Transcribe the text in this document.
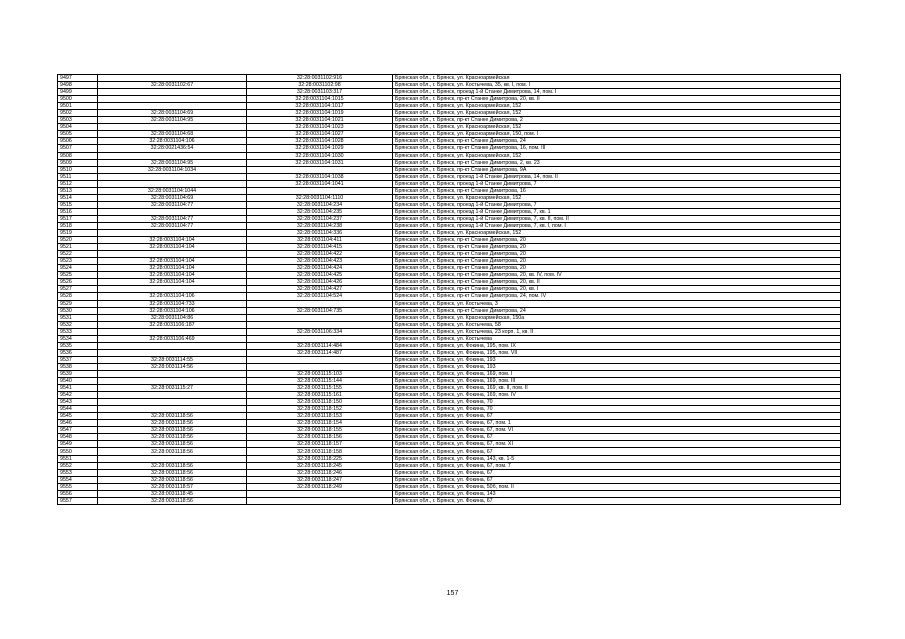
9497		32:28:0031102:916	Брянская обл., г. Брянск, ул. Красноармейская
9498	32:28:0031102:67	32:28:0031102:98	Брянская обл., г. Брянск, ул. Костычева, 35, кв. I, пом. I
9499		32:28:0031103:317	Брянская обл., г. Брянск, проезд 1-й Станке Димитрова, 14, пом. I
9500		32:28:0031104:1015	Брянская обл., г. Брянск, пр-кт Станке Димитрова, 20, кв. II
9501		32:28:0031104:1017	Брянская обл., г. Брянск, ул. Красноармейская, 152
9502	32:28:0031104:69	32:28:0031104:1019	Брянская обл., г. Брянск, ул. Красноармейская, 152
9503	32:28:0031104:95	32:28:0031104:1021	Брянская обл., г. Брянск, пр-кт Станке Димитрова, 2
9504		32:28:0031104:1023	Брянская обл., г. Брянск, ул. Красноармейская, 152
9505	32:28:0031104:68	32:28:0031104:1027	Брянская обл., г. Брянск, ул. Красноармейская, 150, пом. I
9506	32:28:0031104:106	32:28:0031104:1028	Брянская обл., г. Брянск, пр-кт Станке Димитрова, 24
9507	32:28:0021436:54	32:28:0031104:1029	Брянская обл., г. Брянск, пр-кт Станке Димитрова, 16, пом. III
9508		32:28:0031104:1030	Брянская обл., г. Брянск, ул. Красноармейская, 152
9509	32:28:0031104:95	32:28:0031104:1031	Брянская обл., г. Брянск, пр-кт Станке Димитрова, 2, кв. 23
9510	32:28:0031104:1034		Брянская обл., г. Брянск, пр-кт Станке Димитрова, 9А
9511		32:28:0031104:1038	Брянская обл., г. Брянск, проезд 1-й Станке Димитрова, 14, пом. II
9512		32:28:0031104:1041	Брянская обл., г. Брянск, проезд 1-й Станке Димитрова, 7
9513	32:28:0031104:1044		Брянская обл., г. Брянск, пр-кт Станке Димитрова, 16
9514	32:28:0031104:69	32:28:0031104:1110	Брянская обл., г. Брянск, ул. Красноармейская, 152
9515	32:28:0031104:77	32:28:0031104:234	Брянская обл., г. Брянск, проезд 1-й Станке Димитрова, 7
9516		32:28:0031104:235	Брянская обл., г. Брянск, проезд 1-й Станке Димитрова, 7, кв. 1
9517	32:28:0031104:77	32:28:0031104:237	Брянская обл., г. Брянск, проезд 1-й Станке Димитрова, 7, кв. II, пом. II
9518	32:28:0031104:77	32:28:0031104:238	Брянская обл., г. Брянск, проезд 1-й Станке Димитрова, 7, кв. I, пом. I
9519		32:28:0031104:336	Брянская обл., г. Брянск, ул. Красноармейская, 152
9520	32:28:0031104:104	32:28:0031104:411	Брянская обл., г. Брянск, пр-кт Станке Димитрова, 20
9521	32:28:0031104:104	32:28:0031104:415	Брянская обл., г. Брянск, пр-кт Станке Димитрова, 20
9522		32:28:0031104:422	Брянская обл., г. Брянск, пр-кт Станке Димитрова, 20
9523	32:28:0031104:104	32:28:0031104:423	Брянская обл., г. Брянск, пр-кт Станке Димитрова, 20
9524	32:28:0031104:104	32:28:0031104:424	Брянская обл., г. Брянск, пр-кт Станке Димитрова, 20
9525	32:28:0031104:104	32:28:0031104:425	Брянская обл., г. Брянск, пр-кт Станке Димитрова, 20, кв. IV, пом. IV
9526	32:28:0031104:104	32:28:0031104:426	Брянская обл., г. Брянск, пр-кт Станке Димитрова, 20, кв. II
9527		32:28:0031104:427	Брянская обл., г. Брянск, пр-кт Станке Димитрова, 20, кв. I
9528	32:28:0031104:106	32:28:0031104:524	Брянская обл., г. Брянск, пр-кт Станке Димитрова, 24, пом. IV
9529	32:28:0031104:733		Брянская обл., г. Брянск, ул. Костычева, 3
9530	32:28:0031104:106	32:28:0031104:735	Брянская обл., г. Брянск, пр-кт Станке Димитрова, 24
9531	32:28:0031104:86		Брянская обл., г. Брянск, ул. Красноармейская, 150а
9532	32:28:0031106:187		Брянская обл., г. Брянск, ул. Костычева, 58
9533		32:28:0031106:334	Брянская обл., г. Брянск, ул. Костычева, 23 корп. 1, кв. II
9534	32:28:0031106:469		Брянская обл., г. Брянск, ул. Костычева
9535		32:28:0031114:484	Брянская обл., г. Брянск, ул. Фокина, 195, пом. IX
9536		32:28:0031114:487	Брянская обл., г. Брянск, ул. Фокина, 195, пом. VII
9537	32:28:0031114:55		Брянская обл., г. Брянск, ул. Фокина, 193
9538	32:28:0031114:56		Брянская обл., г. Брянск, ул. Фокина, 193
9539		32:28:0031115:103	Брянская обл., г. Брянск, ул. Фокина, 169, пом. I
9540		32:28:0031115:144	Брянская обл., г. Брянск, ул. Фокина, 169, пом. III
9541	32:28:0031115:27	32:28:0031115:155	Брянская обл., г. Брянск, ул. Фокина, 169, кв. II, пом. II
9542		32:28:0031115:161	Брянская обл., г. Брянск, ул. Фокина, 169, пом. IV
9543		32:28:0031118:150	Брянская обл., г. Брянск, ул. Фокина, 70
9544		32:28:0031118:152	Брянская обл., г. Брянск, ул. Фокина, 70
9545	32:28:0031118:56	32:28:0031118:153	Брянская обл., г. Брянск, ул. Фокина, 67
9546	32:28:0031118:56	32:28:0031118:154	Брянская обл., г. Брянск, ул. Фокина, 67, пом. 1
9547	32:28:0031118:56	32:28:0031118:155	Брянская обл., г. Брянск, ул. Фокина, 67, пом. VI
9548	32:28:0031118:56	32:28:0031118:156	Брянская обл., г. Брянск, ул. Фокина, 67
9549	32:28:0031118:56	32:28:0031118:157	Брянская обл., г. Брянск, ул. Фокина, 67, пом. XI
9550	32:28:0031118:56	32:28:0031118:158	Брянская обл., г. Брянск, ул. Фокина, 67
9551		32:28:0031118:225	Брянская обл., г. Брянск, ул. Фокина, 143, кв. 1-5
9552	32:28:0031118:56	32:28:0031118:245	Брянская обл., г. Брянск, ул. Фокина, 67, пом. 7
9553	32:28:0031118:56	32:28:0031118:246	Брянская обл., г. Брянск, ул. Фокина, 67
9554	32:28:0031118:56	32:28:0031118:247	Брянская обл., г. Брянск, ул. Фокина, 67
9555	32:28:0031118:57	32:28:0031118:249	Брянская обл., г. Брянск, ул. Фокина, 50б, пом. II
9556	32:28:0031118:45		Брянская обл., г. Брянск, ул. Фокина, 143
9557	32:28:0031118:56		Брянская обл., г. Брянск, ул. Фокина, 67
157
